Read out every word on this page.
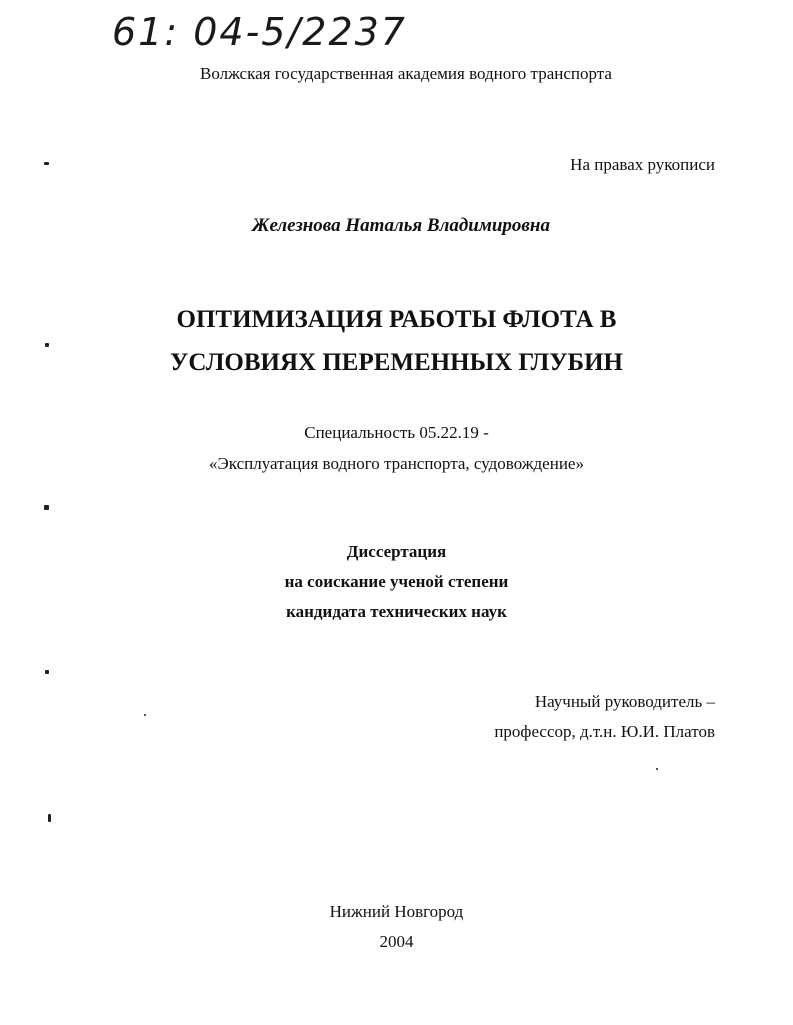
61: 04-5/2237
Волжская государственная академия водного транспорта
На правах рукописи
Железнова Наталья Владимировна
ОПТИМИЗАЦИЯ РАБОТЫ ФЛОТА В
УСЛОВИЯХ ПЕРЕМЕННЫХ ГЛУБИН
Специальность 05.22.19 -
«Эксплуатация водного транспорта, судовождение»
Диссертация
на соискание ученой степени
кандидата технических наук
Научный руководитель –
профессор, д.т.н. Ю.И. Платов
Нижний Новгород
2004
